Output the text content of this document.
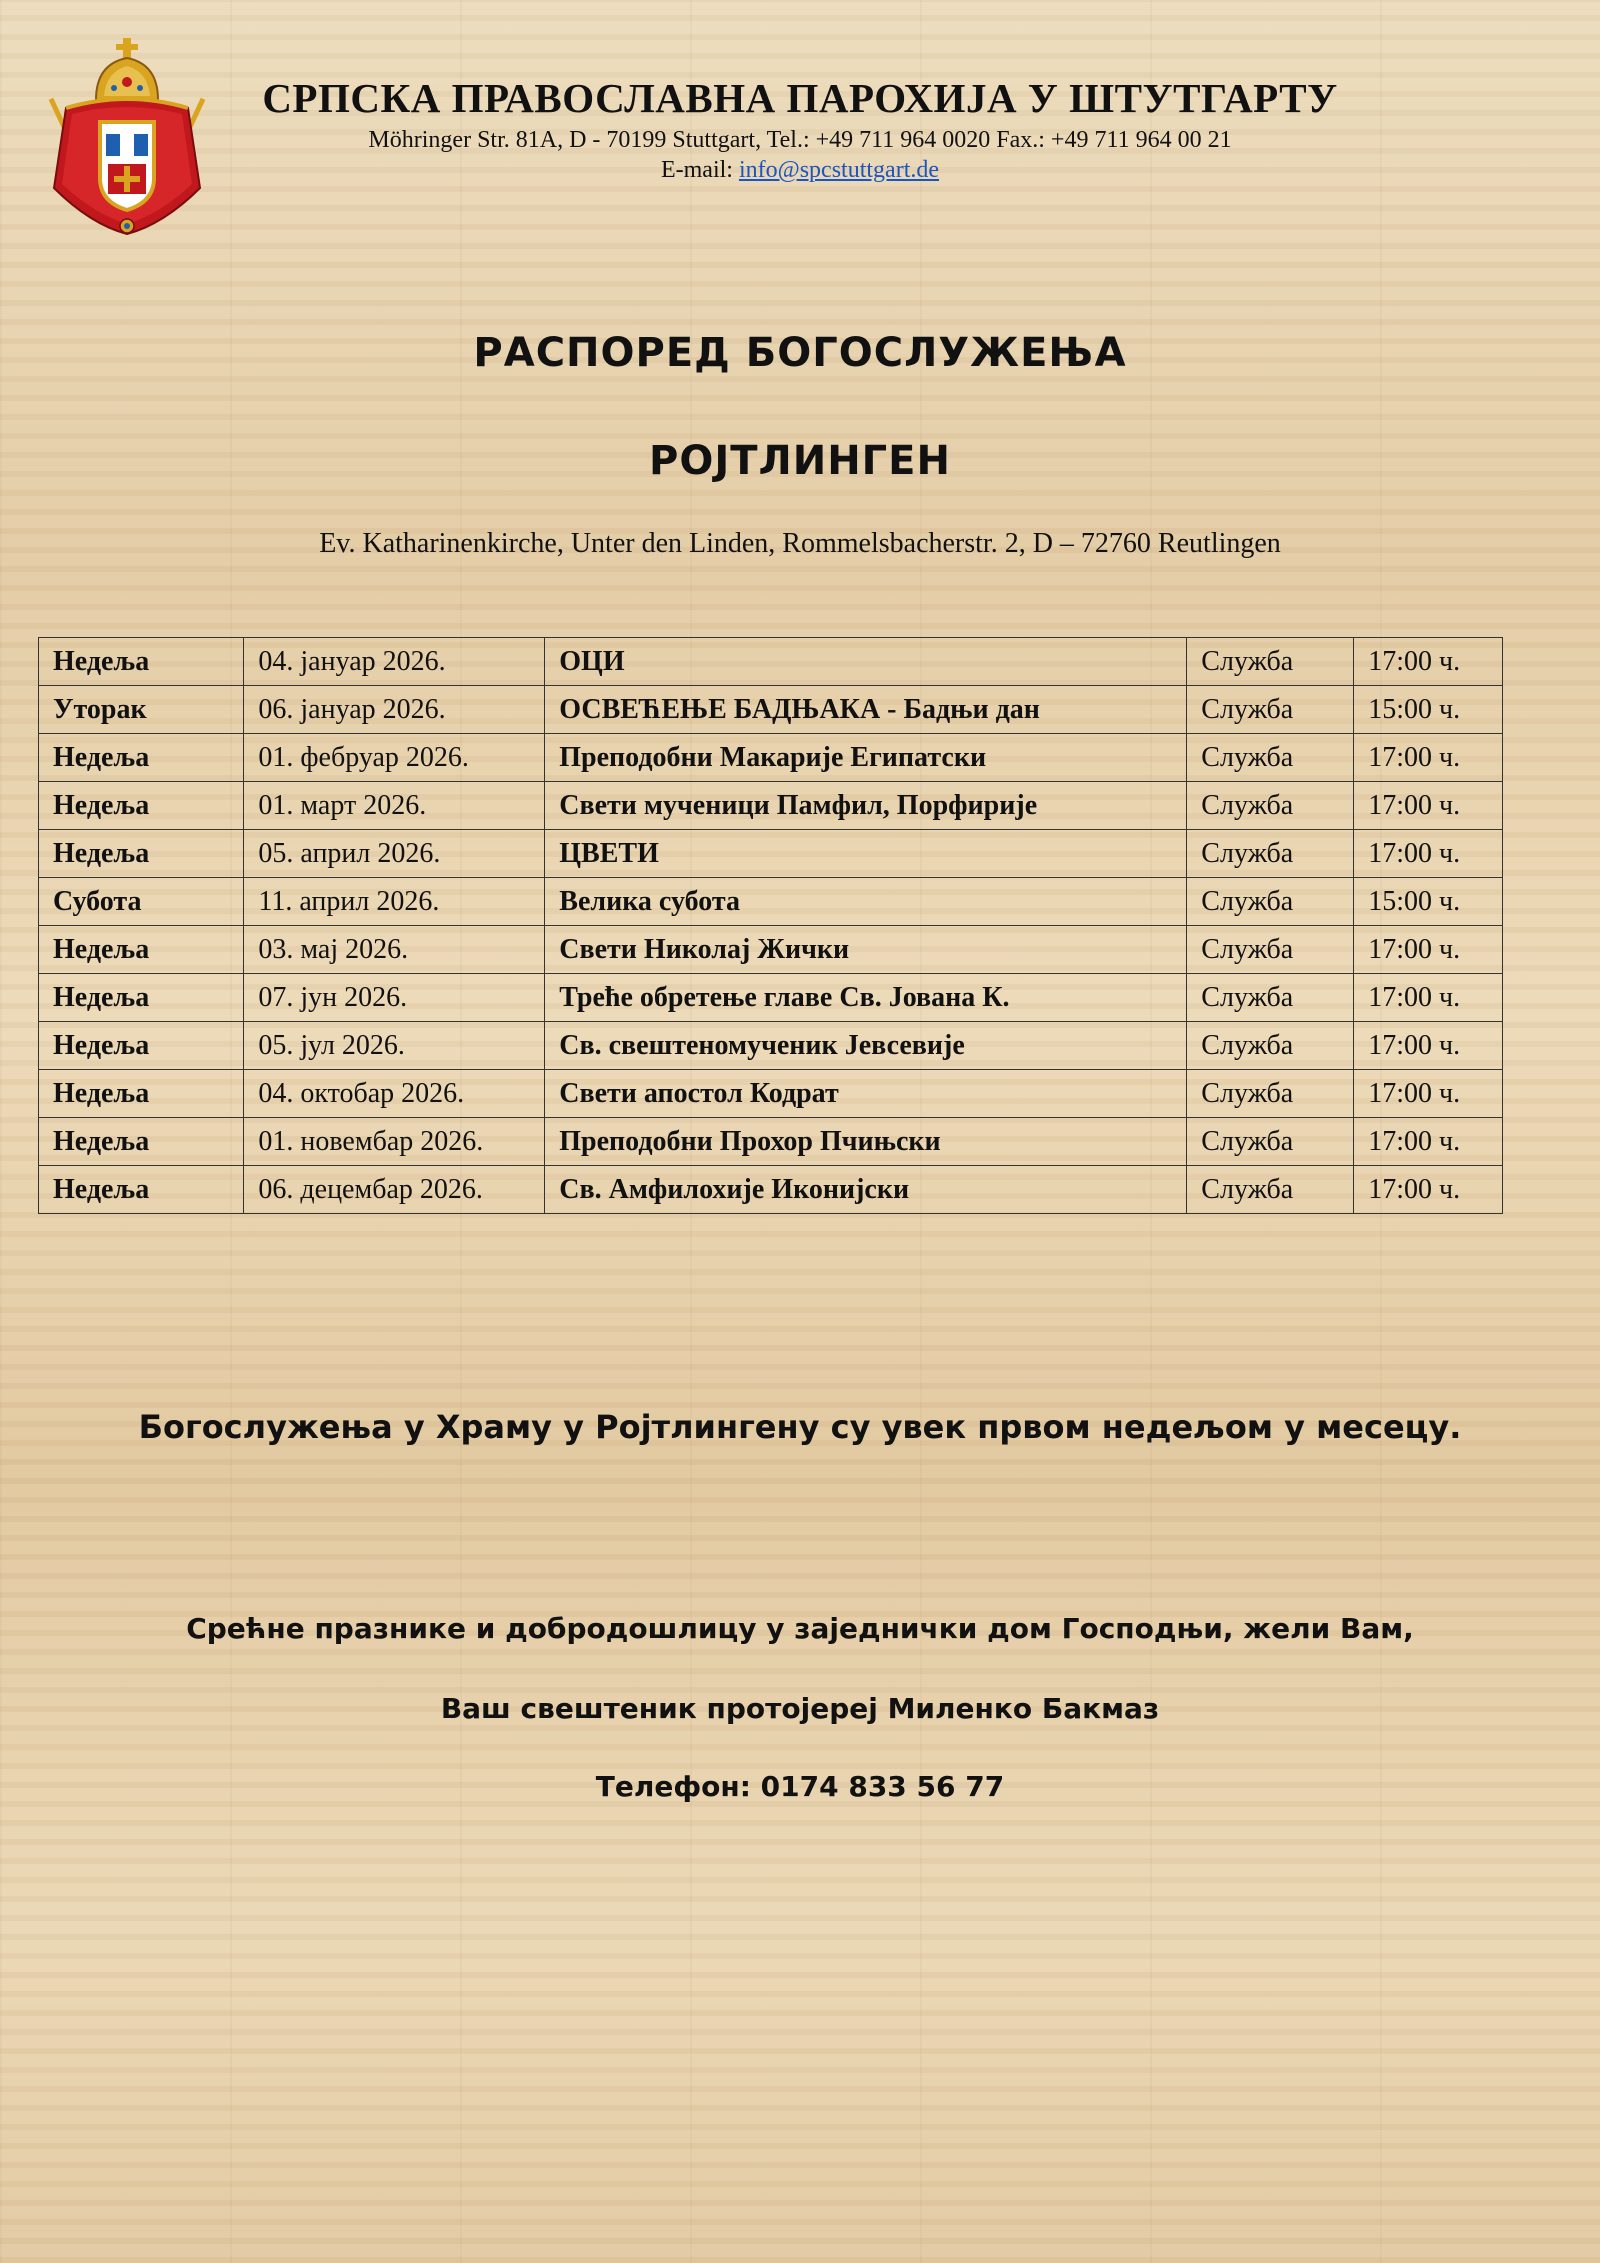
СРПСКА ПРАВОСЛАВНА ПАРОХИЈА У ШТУТГАРТУ
Möhringer Str. 81A, D - 70199 Stuttgart, Tel.: +49 711 964 0020 Fax.: +49 711 964 00 21
E-mail: info@spcstuttgart.de
РАСПОРЕД БОГОСЛУЖЕЊА
РОЈТЛИНГЕН
Ev. Katharinenkirche, Unter den Linden, Rommelsbacherstr. 2, D – 72760 Reutlingen
Недеља	04. јануар 2026.	ОЦИ	Служба	17:00 ч.
Уторак	06. јануар 2026.	ОСВЕЋЕЊЕ БАДЊАКА - Бадњи дан	Служба	15:00 ч.
Недеља	01. фебруар 2026.	Преподобни Макарије Египатски	Служба	17:00 ч.
Недеља	01. март 2026.	Свети мученици Памфил, Порфирије	Служба	17:00 ч.
Недеља	05. април 2026.	ЦВЕТИ	Служба	17:00 ч.
Субота	11. април 2026.	Велика субота	Служба	15:00 ч.
Недеља	03. мај 2026.	Свети Николај Жички	Служба	17:00 ч.
Недеља	07. јун 2026.	Треће обретење главе Св. Јована К.	Служба	17:00 ч.
Недеља	05. јул 2026.	Св. свештеномученик Јевсевије	Служба	17:00 ч.
Недеља	04. октобар 2026.	Свети апостол Кодрат	Служба	17:00 ч.
Недеља	01. новембар 2026.	Преподобни Прохор Пчињски	Служба	17:00 ч.
Недеља	06. децембар 2026.	Св. Амфилохије Иконијски	Служба	17:00 ч.
Богослужења у Храму у Ројтлингену су увек првом недељом у месецу.
Срећне празнике и добродошлицу у заједнички дом Господњи, жели Вам,
Ваш свештеник протојереј Миленко Бакмаз
Телефон: 0174 833 56 77
